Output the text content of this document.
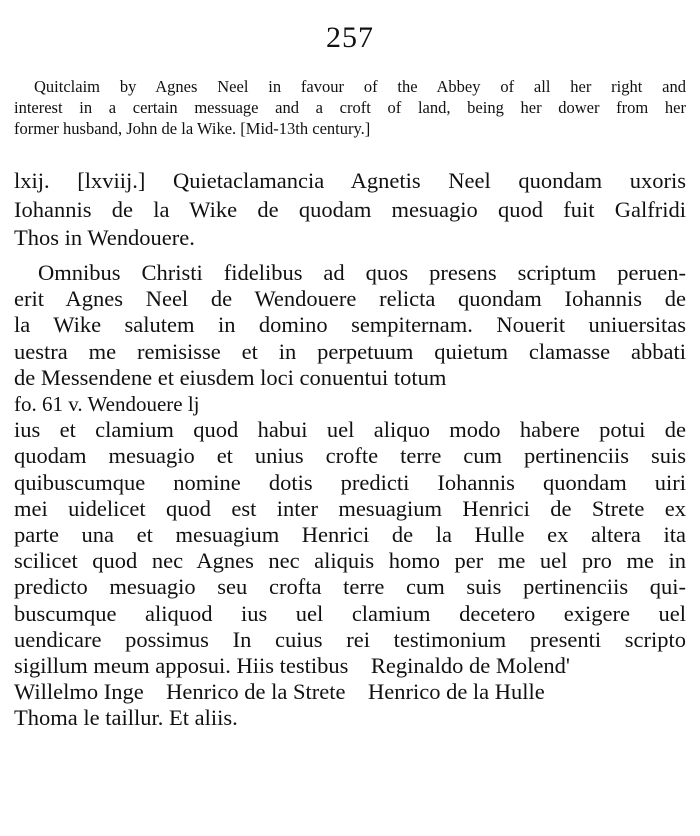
257
Quitclaim by Agnes Neel in favour of the Abbey of all her right and
interest in a certain messuage and a croft of land, being her dower from her
former husband, John de la Wike. [Mid-13th century.]
lxij. [lxviij.] Quietaclamancia Agnetis Neel quondam uxoris
Iohannis de la Wike de quodam mesuagio quod fuit Galfridi
Thos in Wendouere.
Omnibus Christi fidelibus ad quos presens scriptum peruen-
erit Agnes Neel de Wendouere relicta quondam Iohannis de
la Wike salutem in domino sempiternam. Nouerit uniuersitas
uestra me remisisse et in perpetuum quietum clamasse abbati
de Messendene et eiusdem loci conuentui totum
fo. 61 v. Wendouere lj
ius et clamium quod habui uel aliquo modo habere potui de
quodam mesuagio et unius crofte terre cum pertinenciis suis
quibuscumque nomine dotis predicti Iohannis quondam uiri
mei uidelicet quod est inter mesuagium Henrici de Strete ex
parte una et mesuagium Henrici de la Hulle ex altera ita
scilicet quod nec Agnes nec aliquis homo per me uel pro me in
predicto mesuagio seu crofta terre cum suis pertinenciis qui-
buscumque aliquod ius uel clamium decetero exigere uel
uendicare possimus In cuius rei testimonium presenti scripto
sigillum meum apposui. Hiis testibus    Reginaldo de Molend'
Willelmo Inge    Henrico de la Strete    Henrico de la Hulle
Thoma le taillur. Et aliis.
